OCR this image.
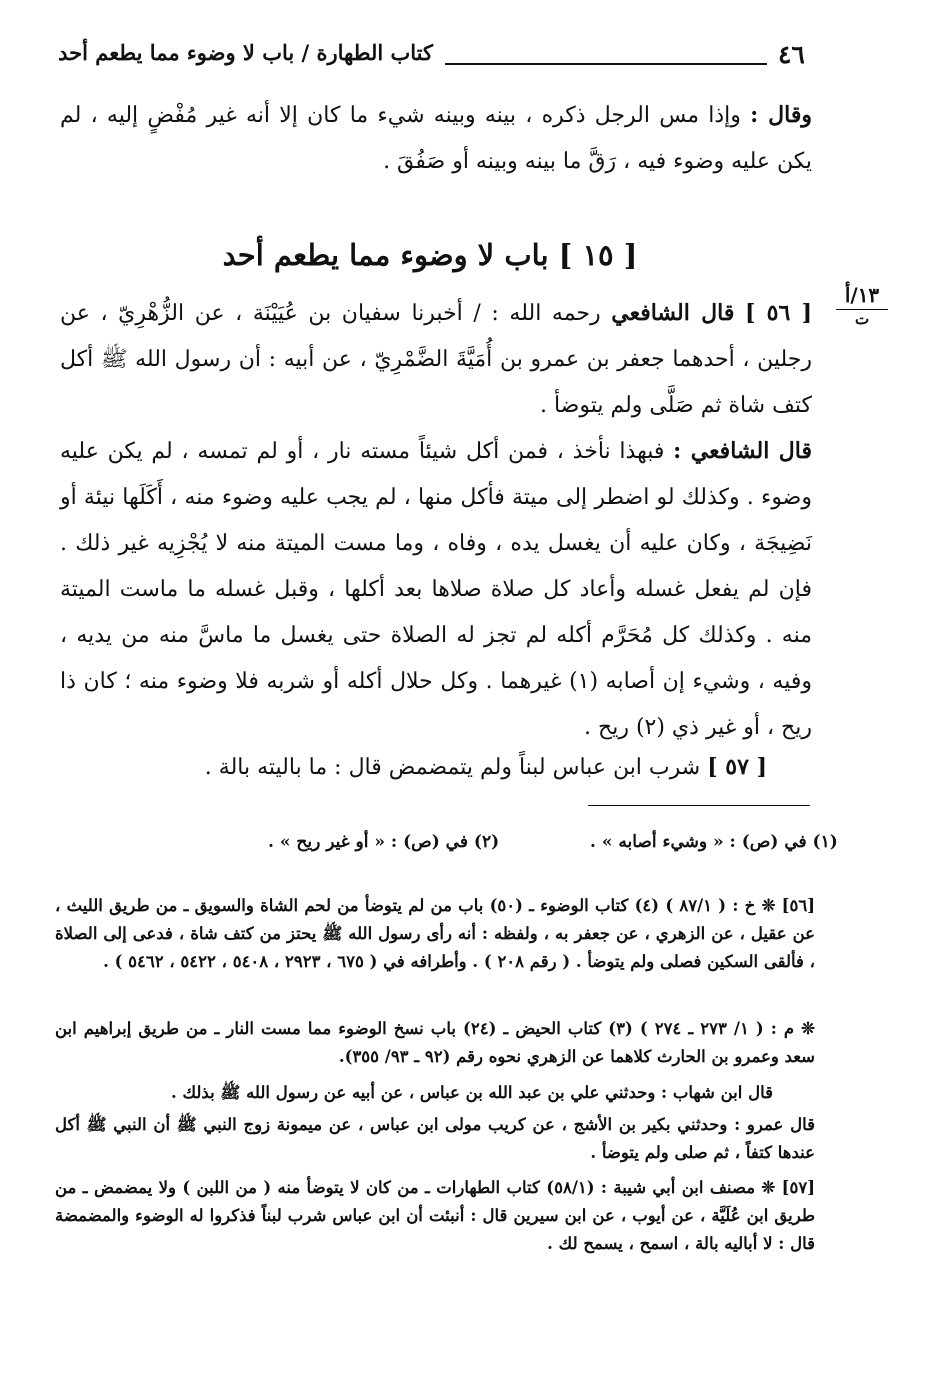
٤٦
كتاب الطهارة / باب لا وضوء مما يطعم أحد
وقال : وإذا مس الرجل ذكره ، بينه وبينه شيء ما كان إلا أنه غير مُفْضٍ إليه ، لم يكن عليه وضوء فيه ، رَقَّ ما بينه وبينه أو صَفُقَ .
[ ١٥ ] باب لا وضوء مما يطعم أحد
١٣/أ
ت
[ ٥٦ ] قال الشافعي رحمه الله : / أخبرنا سفيان بن عُيَيْنَة ، عن الزُّهْرِيّ ، عن رجلين ، أحدهما جعفر بن عمرو بن أُمَيَّةَ الضَّمْرِيّ ، عن أبيه : أن رسول الله ﷺ أكل كتف شاة ثم صَلَّى ولم يتوضأ .
قال الشافعي : فبهذا نأخذ ، فمن أكل شيئاً مسته نار ، أو لم تمسه ، لم يكن عليه وضوء . وكذلك لو اضطر إلى ميتة فأكل منها ، لم يجب عليه وضوء منه ، أَكَلَها نيئة أو نَضِيجَة ، وكان عليه أن يغسل يده ، وفاه ، وما مست الميتة منه لا يُجْزِيه غير ذلك . فإن لم يفعل غسله وأعاد كل صلاة صلاها بعد أكلها ، وقبل غسله ما ماست الميتة منه . وكذلك كل مُحَرَّم أكله لم تجز له الصلاة حتى يغسل ما ماسَّ منه من يديه ، وفيه ، وشيء إن أصابه (١) غيرهما . وكل حلال أكله أو شربه فلا وضوء منه ؛ كان ذا ريح ، أو غير ذي (٢) ريح .
[ ٥٧ ] شرب ابن عباس لبناً ولم يتمضمض قال : ما باليته بالة .
(١) في (ص) : « وشيء أصابه » .
(٢) في (ص) : « أو غير ريح » .
[٥٦] ❊ خ : ( ٨٧/١ ) (٤) كتاب الوضوء ـ (٥٠) باب من لم يتوضأ من لحم الشاة والسويق ـ من طريق الليث ، عن عقيل ، عن الزهري ، عن جعفر به ، ولفظه : أنه رأى رسول الله ﷺ يحتز من كتف شاة ، فدعى إلى الصلاة ، فألقى السكين فصلى ولم يتوضأ . ( رقم ٢٠٨ ) . وأطرافه في ( ٦٧٥ ، ٢٩٢٣ ، ٥٤٠٨ ، ٥٤٢٢ ، ٥٤٦٢ ) .
❊ م : ( ١/ ٢٧٣ ـ ٢٧٤ ) (٣) كتاب الحيض ـ (٢٤) باب نسخ الوضوء مما مست النار ـ من طريق إبراهيم ابن سعد وعمرو بن الحارث كلاهما عن الزهري نحوه رقم (٩٢ ـ ٩٣/ ٣٥٥).
قال ابن شهاب : وحدثني علي بن عبد الله بن عباس ، عن أبيه عن رسول الله ﷺ بذلك .
قال عمرو : وحدثني بكير بن الأشج ، عن كريب مولى ابن عباس ، عن ميمونة زوج النبي ﷺ أن النبي ﷺ أكل عندها كتفاً ، ثم صلى ولم يتوضأ .
[٥٧] ❊ مصنف ابن أبي شيبة : (٥٨/١) كتاب الطهارات ـ من كان لا يتوضأ منه ( من اللبن ) ولا يمضمض ـ من طريق ابن عُلَيَّة ، عن أيوب ، عن ابن سيرين قال : أنبئت أن ابن عباس شرب لبناً فذكروا له الوضوء والمضمضة قال : لا أباليه بالة ، اسمح ، يسمح لك .
